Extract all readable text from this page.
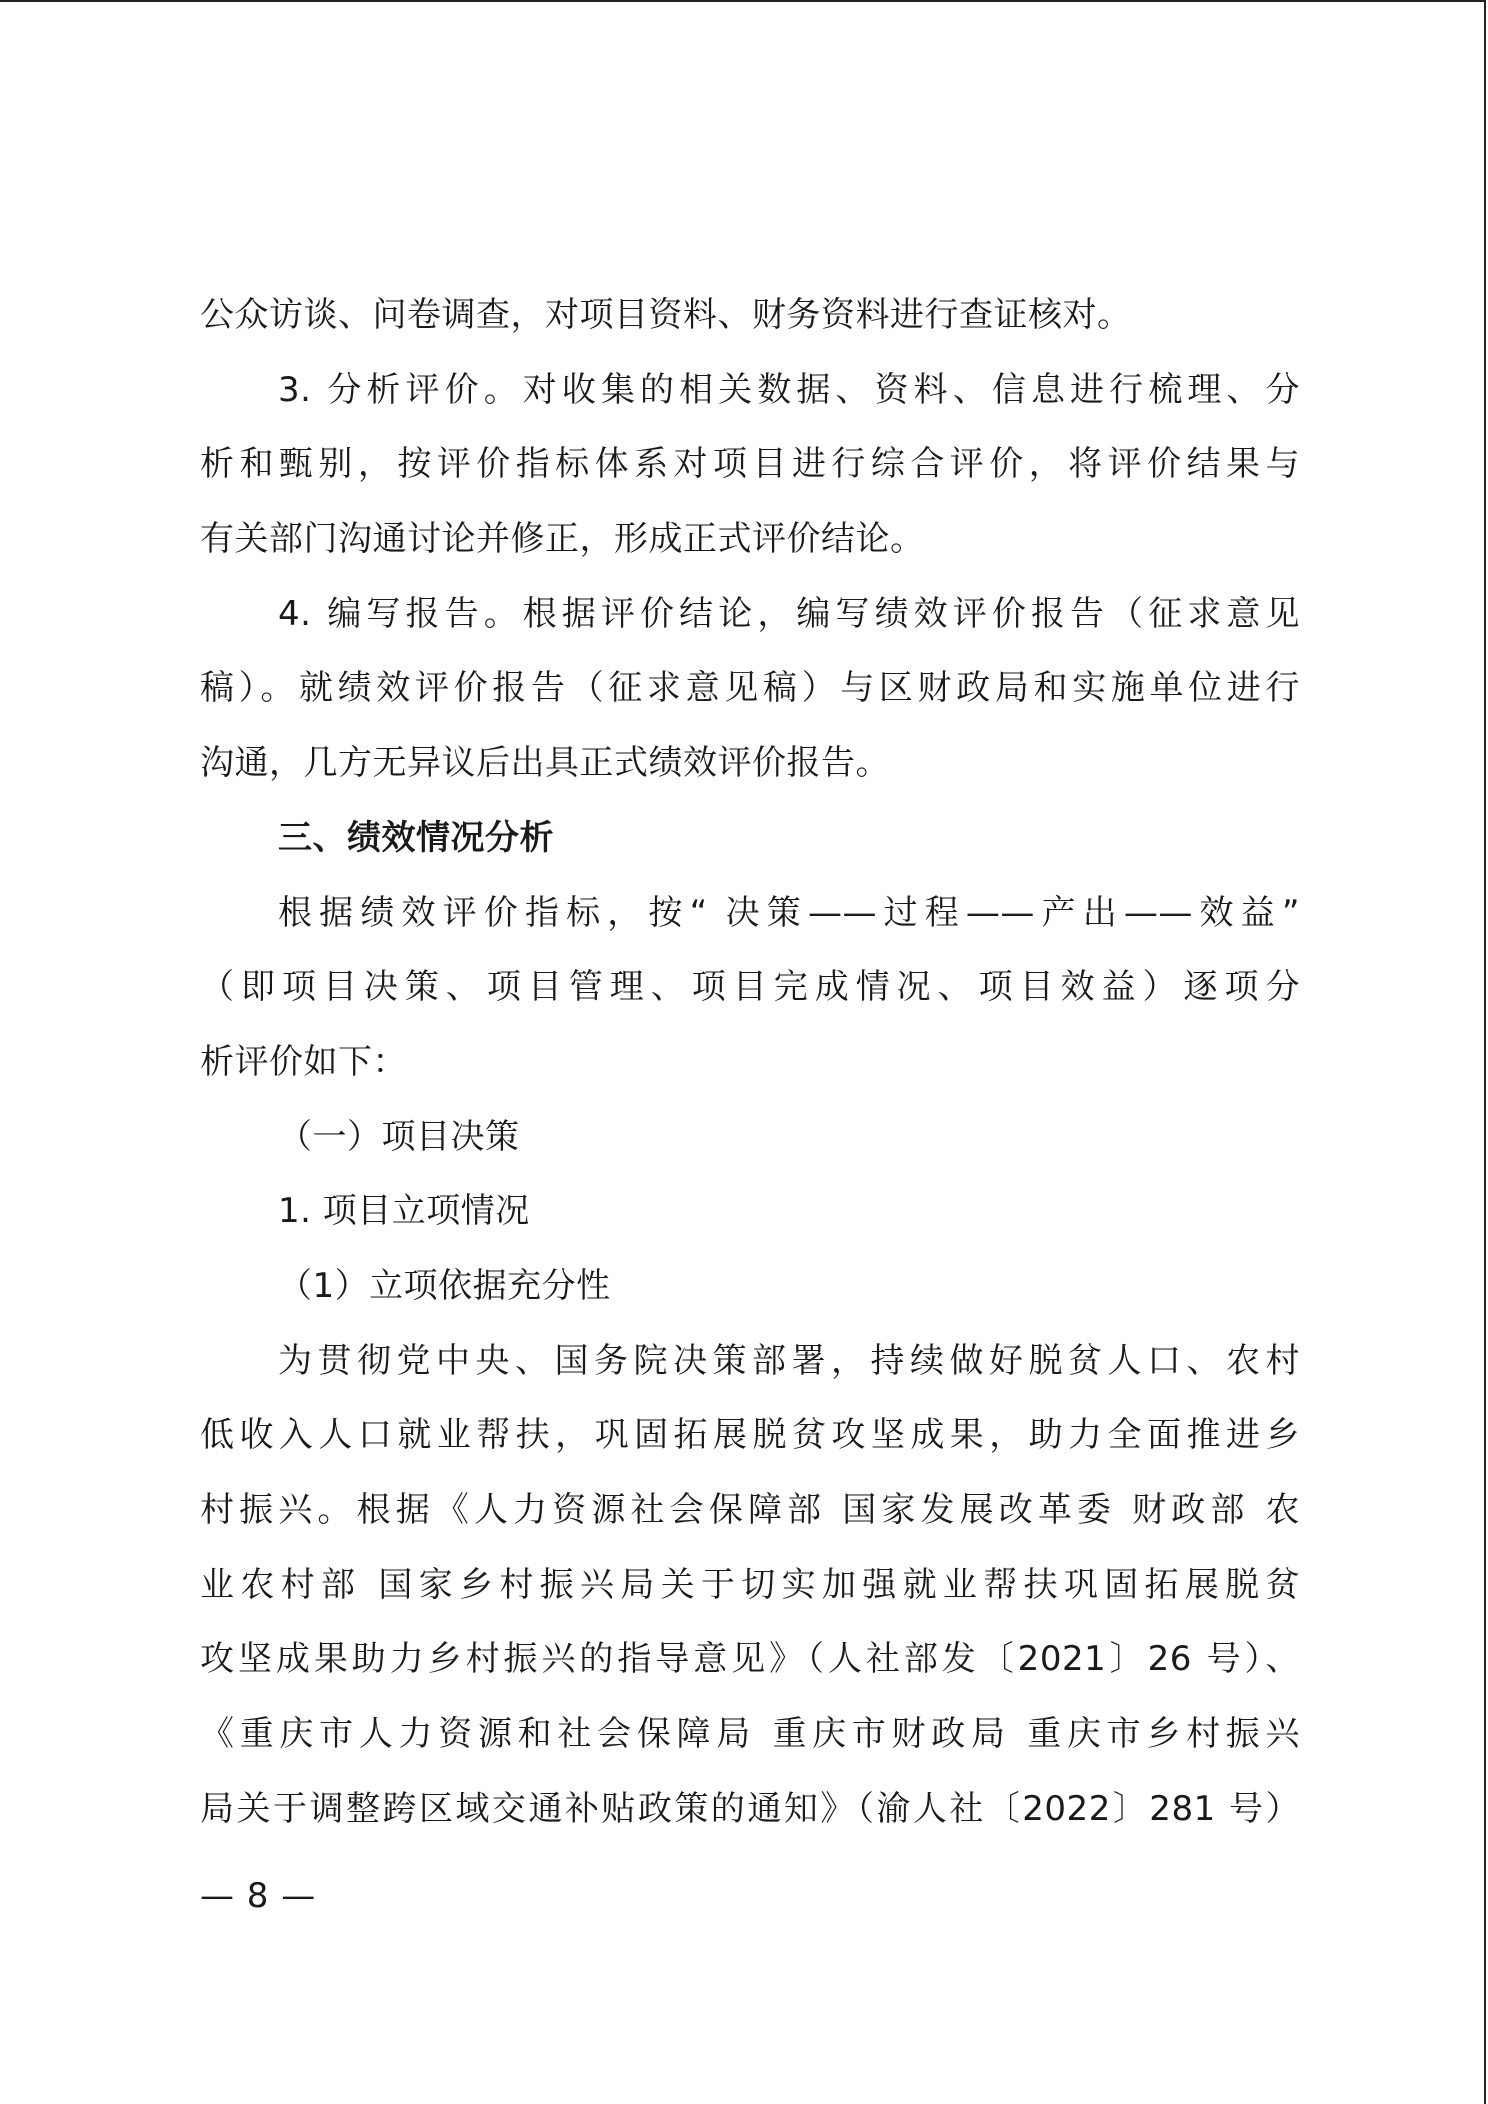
公众访谈、问卷调查，对项目资料、财务资料进行查证核对。
3. 分析评价。对收集的相关数据、资料、信息进行梳理、分
析和甄别，按评价指标体系对项目进行综合评价，将评价结果与
有关部门沟通讨论并修正，形成正式评价结论。
4. 编写报告。根据评价结论，编写绩效评价报告（征求意见
稿）。就绩效评价报告（征求意见稿）与区财政局和实施单位进行
沟通，几方无异议后出具正式绩效评价报告。
三、绩效情况分析
根据绩效评价指标，按“ 决策——过程——产出——效益”
（即项目决策、项目管理、项目完成情况、项目效益）逐项分
析评价如下：
（一）项目决策
1. 项目立项情况
（1）立项依据充分性
为贯彻党中央、国务院决策部署，持续做好脱贫人口、农村
低收入人口就业帮扶，巩固拓展脱贫攻坚成果，助力全面推进乡
村振兴。根据《人力资源社会保障部 国家发展改革委 财政部 农
业农村部 国家乡村振兴局关于切实加强就业帮扶巩固拓展脱贫
攻坚成果助力乡村振兴的指导意见》（人社部发〔2021〕26 号）、
《重庆市人力资源和社会保障局 重庆市财政局 重庆市乡村振兴
局关于调整跨区域交通补贴政策的通知》（渝人社〔2022〕281 号）
— 8 —
